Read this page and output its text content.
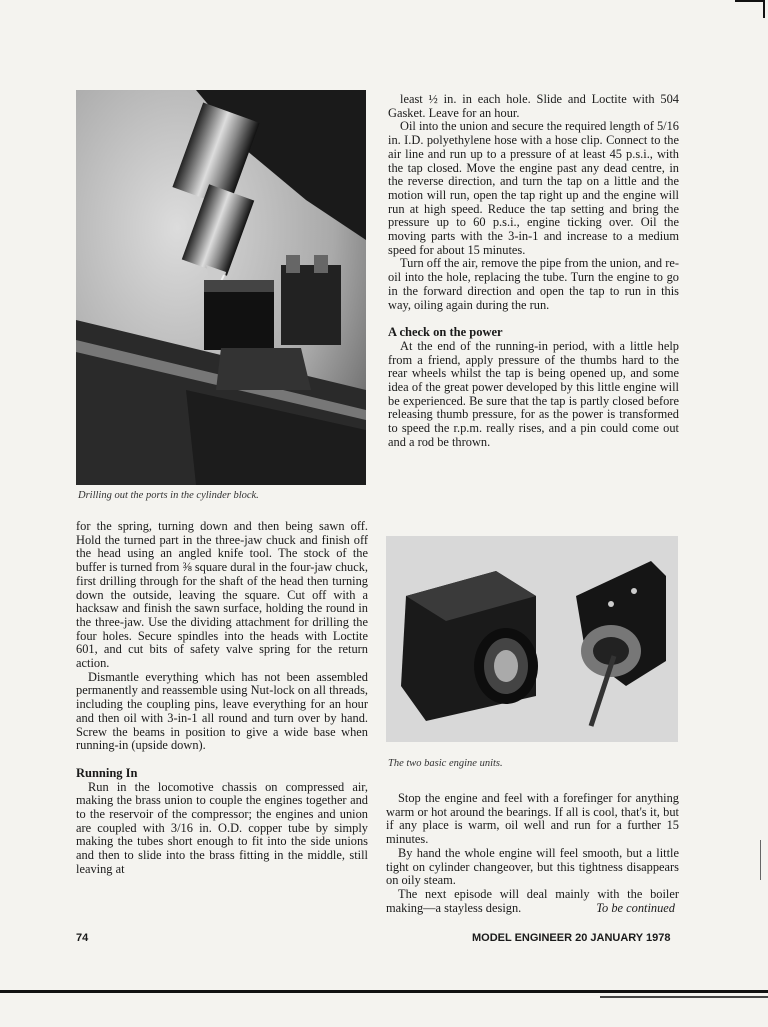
Drilling out the ports in the cylinder block.

for the spring, turning down and then being sawn off. Hold the turned part in the three-jaw chuck and finish off the head using an angled knife tool. The stock of the buffer is turned from ⅜ square dural in the four-jaw chuck, first drilling through for the shaft of the head then turning down the outside, leaving the square. Cut off with a hacksaw and finish the sawn surface, holding the round in the three-jaw. Use the dividing attachment for drilling the four holes. Secure spindles into the heads with Loctite 601, and cut bits of safety valve spring for the return action.

Dismantle everything which has not been assembled permanently and reassemble using Nut-lock on all threads, including the coupling pins, leave everything for an hour and then oil with 3-in-1 all round and turn over by hand. Screw the beams in position to give a wide base when running-in (upside down).

Running In

Run in the locomotive chassis on compressed air, making the brass union to couple the engines together and to the reservoir of the compressor; the engines and union are coupled with 3/16 in. O.D. copper tube by simply making the tubes short enough to fit into the side unions and then to slide into the brass fitting in the middle, still leaving at

least ½ in. in each hole. Slide and Loctite with 504 Gasket. Leave for an hour.

Oil into the union and secure the required length of 5/16 in. I.D. polyethylene hose with a hose clip. Connect to the air line and run up to a pressure of at least 45 p.s.i., with the tap closed. Move the engine past any dead centre, in the reverse direction, and turn the tap on a little and the motion will run, open the tap right up and the engine will run at high speed. Reduce the tap setting and bring the pressure up to 60 p.s.i., engine ticking over. Oil the moving parts with the 3-in-1 and increase to a medium speed for about 15 minutes.

Turn off the air, remove the pipe from the union, and re-oil into the hole, replacing the tube. Turn the engine to go in the forward direction and open the tap to run in this way, oiling again during the run.

A check on the power

At the end of the running-in period, with a little help from a friend, apply pressure of the thumbs hard to the rear wheels whilst the tap is being opened up, and some idea of the great power developed by this little engine will be experienced. Be sure that the tap is partly closed before releasing thumb pressure, for as the power is transformed to speed the r.p.m. really rises, and a pin could come out and a rod be thrown.

The two basic engine units.

Stop the engine and feel with a forefinger for anything warm or hot around the bearings. If all is cool, that's it, but if any place is warm, oil well and run for a further 15 minutes.

By hand the whole engine will feel smooth, but a little tight on cylinder changeover, but this tightness disappears on oily steam.

The next episode will deal mainly with the boiler making—a stayless design.	To be continued

74	MODEL ENGINEER 20 JANUARY 1978
